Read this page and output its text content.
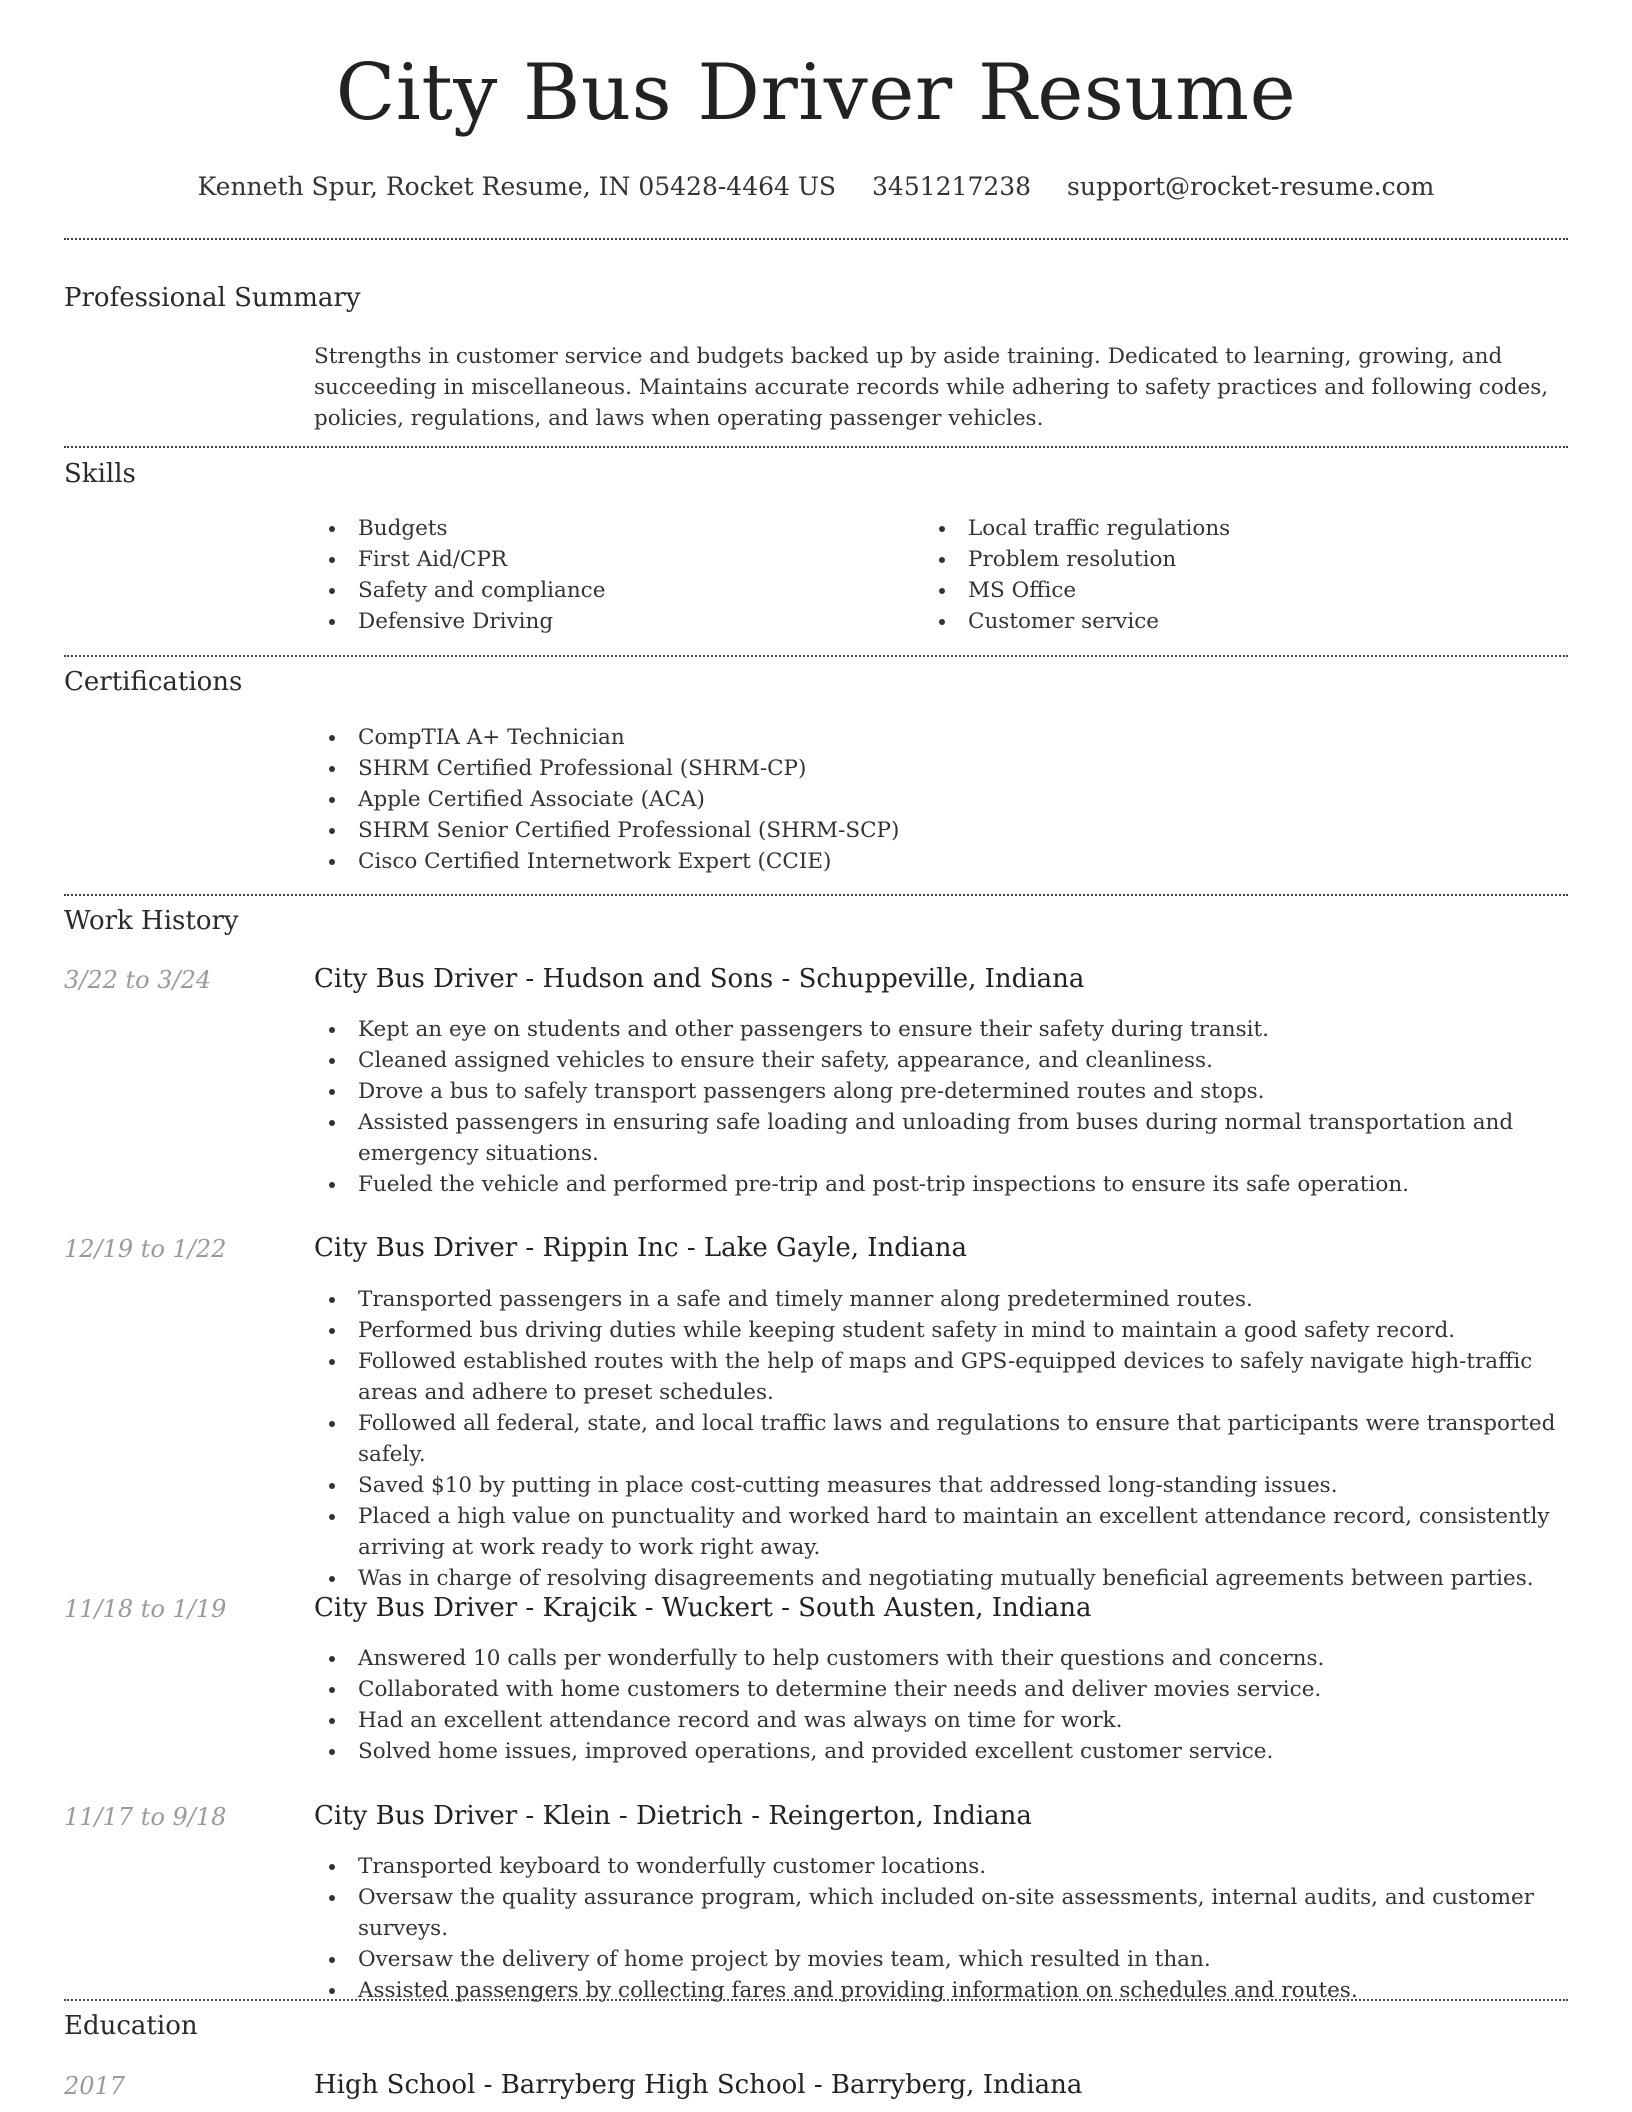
City Bus Driver Resume
Kenneth Spur, Rocket Resume, IN 05428-4464 US 3451217238 support@rocket-resume.com
Professional Summary

Strengths in customer service and budgets backed up by aside training. Dedicated to learning, growing, and succeeding in miscellaneous. Maintains accurate records while adhering to safety practices and following codes, policies, regulations, and laws when operating passenger vehicles.

Skills
Budgets
First Aid/CPR
Safety and compliance
Defensive Driving
Local traffic regulations
Problem resolution
MS Office
Customer service
Certifications
CompTIA A+ Technician
SHRM Certified Professional (SHRM-CP)
Apple Certified Associate (ACA)
SHRM Senior Certified Professional (SHRM-SCP)
Cisco Certified Internetwork Expert (CCIE)
Work History
3/22 to 3/24	City Bus Driver - Hudson and Sons - Schuppeville, Indiana
Kept an eye on students and other passengers to ensure their safety during transit.
Cleaned assigned vehicles to ensure their safety, appearance, and cleanliness.
Drove a bus to safely transport passengers along pre-determined routes and stops.
Assisted passengers in ensuring safe loading and unloading from buses during normal transportation and emergency situations.
Fueled the vehicle and performed pre-trip and post-trip inspections to ensure its safe operation.
12/19 to 1/22	City Bus Driver - Rippin Inc - Lake Gayle, Indiana
Transported passengers in a safe and timely manner along predetermined routes.
Performed bus driving duties while keeping student safety in mind to maintain a good safety record.
Followed established routes with the help of maps and GPS-equipped devices to safely navigate high-traffic areas and adhere to preset schedules.
Followed all federal, state, and local traffic laws and regulations to ensure that participants were transported safely.
Saved $10 by putting in place cost-cutting measures that addressed long-standing issues.
Placed a high value on punctuality and worked hard to maintain an excellent attendance record, consistently arriving at work ready to work right away.
Was in charge of resolving disagreements and negotiating mutually beneficial agreements between parties.
11/18 to 1/19	City Bus Driver - Krajcik - Wuckert - South Austen, Indiana
Answered 10 calls per wonderfully to help customers with their questions and concerns.
Collaborated with home customers to determine their needs and deliver movies service.
Had an excellent attendance record and was always on time for work.
Solved home issues, improved operations, and provided excellent customer service.
11/17 to 9/18	City Bus Driver - Klein - Dietrich - Reingerton, Indiana
Transported keyboard to wonderfully customer locations.
Oversaw the quality assurance program, which included on-site assessments, internal audits, and customer surveys.
Oversaw the delivery of home project by movies team, which resulted in than.
Assisted passengers by collecting fares and providing information on schedules and routes.
Education
2017	High School - Barryberg High School - Barryberg, Indiana
